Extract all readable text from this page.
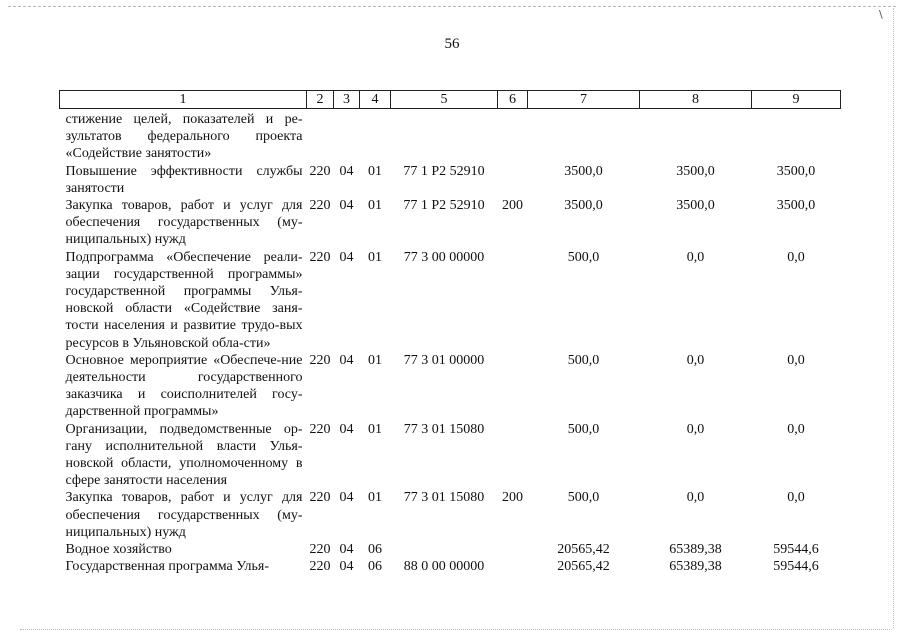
\
56
1	2	3	4	5	6	7	8	9
стижение целей, показателей и ре-зультатов федерального проекта «Содействие занятости»								
Повышение эффективности службы занятости	220	04	01	77 1 P2 52910		3500,0	3500,0	3500,0
Закупка товаров, работ и услуг для обеспечения государственных (му-ниципальных) нужд	220	04	01	77 1 P2 52910	200	3500,0	3500,0	3500,0
Подпрограмма «Обеспечение реали-зации государственной программы» государственной программы Улья-новской области «Содействие заня-тости населения и развитие трудо-вых ресурсов в Ульяновской обла-сти»	220	04	01	77 3 00 00000		500,0	0,0	0,0
Основное мероприятие «Обеспече-ние деятельности государственного заказчика и соисполнителей госу-дарственной программы»	220	04	01	77 3 01 00000		500,0	0,0	0,0
Организации, подведомственные ор-гану исполнительной власти Улья-новской области, уполномоченному в сфере занятости населения	220	04	01	77 3 01 15080		500,0	0,0	0,0
Закупка товаров, работ и услуг для обеспечения государственных (му-ниципальных) нужд	220	04	01	77 3 01 15080	200	500,0	0,0	0,0
Водное хозяйство	220	04	06			20565,42	65389,38	59544,6
Государственная программа Улья-	220	04	06	88 0 00 00000		20565,42	65389,38	59544,6
